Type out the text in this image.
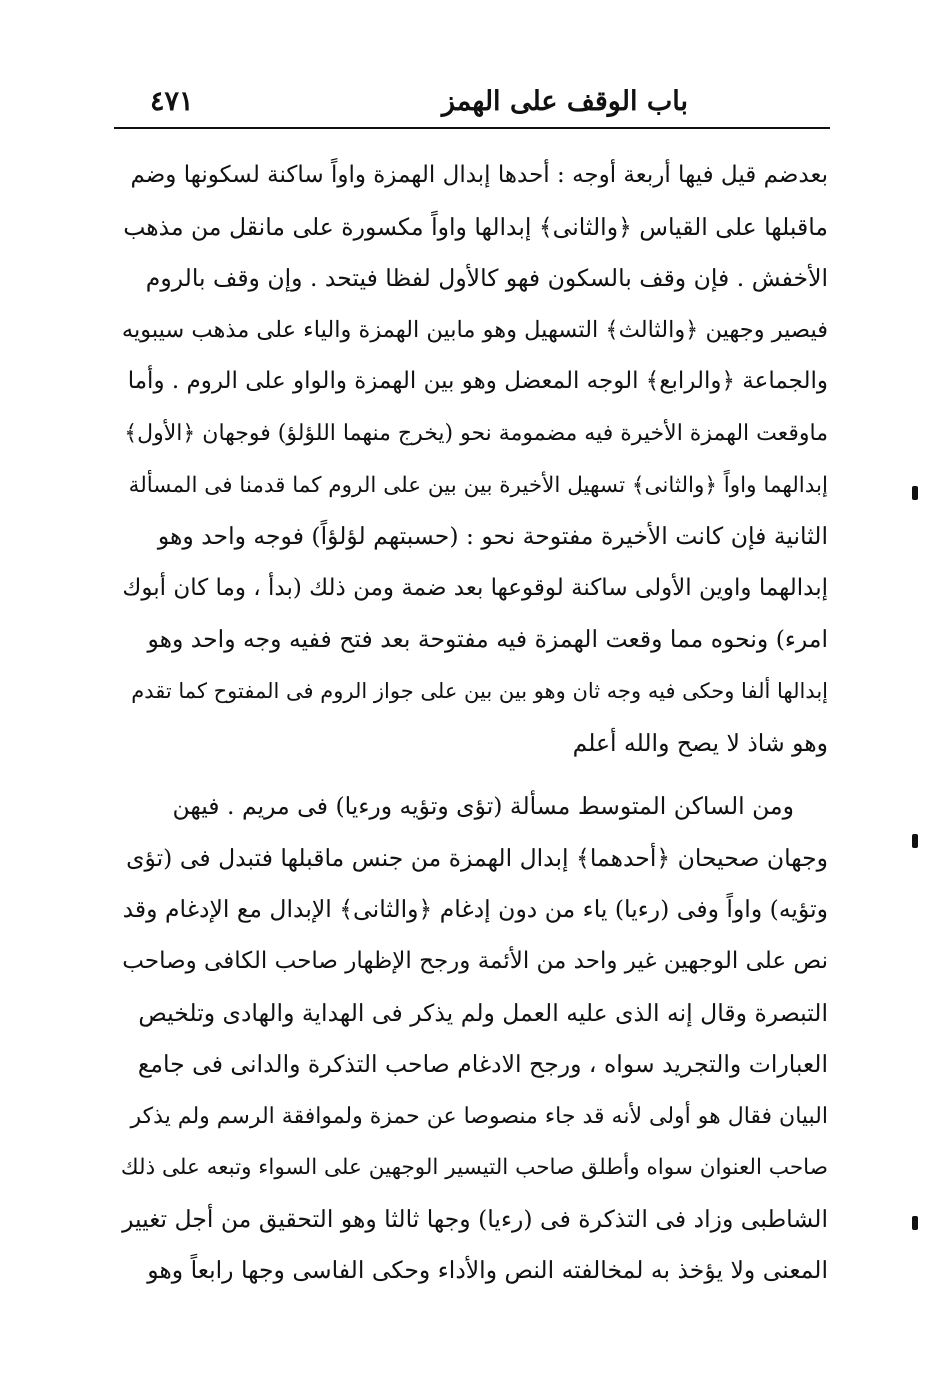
باب الوقف على الهمز
٤٧١
بعدضم قيل فيها أربعة أوجه : أحدها إبدال الهمزة واواً ساكنة لسكونها وضم
ماقبلها على القياس ﴿والثانى﴾ إبدالها واواً مكسورة على مانقل من مذهب
الأخفش . فإن وقف بالسكون فهو كالأول لفظا فيتحد . وإن وقف بالروم
فيصير وجهين ﴿والثالث﴾ التسهيل وهو مابين الهمزة والياء على مذهب سيبويه
والجماعة ﴿والرابع﴾ الوجه المعضل وهو بين الهمزة والواو على الروم . وأما
ماوقعت الهمزة الأخيرة فيه مضمومة نحو (يخرج منهما اللؤلؤ) فوجهان ﴿الأول﴾
إبدالهما واواً ﴿والثانى﴾ تسهيل الأخيرة بين بين على الروم كما قدمنا فى المسألة
الثانية فإن كانت الأخيرة مفتوحة نحو : (حسبتهم لؤلؤاً) فوجه واحد وهو
إبدالهما واوين الأولى ساكنة لوقوعها بعد ضمة ومن ذلك (بدأ ، وما كان أبوك
امرء) ونحوه مما وقعت الهمزة فيه مفتوحة بعد فتح ففيه وجه واحد وهو
إبدالها ألفا وحكى فيه وجه ثان وهو بين بين على جواز الروم فى المفتوح كما تقدم
وهو شاذ لا يصح والله أعلم
ومن الساكن المتوسط مسألة (تؤى وتؤيه ورءيا) فى مريم . فيهن
وجهان صحيحان ﴿أحدهما﴾ إبدال الهمزة من جنس ماقبلها فتبدل فى (تؤى
وتؤيه) واواً وفى (رءيا) ياء من دون إدغام ﴿والثانى﴾ الإبدال مع الإدغام وقد
نص على الوجهين غير واحد من الأئمة ورجح الإظهار صاحب الكافى وصاحب
التبصرة وقال إنه الذى عليه العمل ولم يذكر فى الهداية والهادى وتلخيص
العبارات والتجريد سواه ، ورجح الادغام صاحب التذكرة والدانى فى جامع
البيان فقال هو أولى لأنه قد جاء منصوصا عن حمزة ولموافقة الرسم ولم يذكر
صاحب العنوان سواه وأطلق صاحب التيسير الوجهين على السواء وتبعه على ذلك
الشاطبى وزاد فى التذكرة فى (رءيا) وجها ثالثا وهو التحقيق من أجل تغيير
المعنى ولا يؤخذ به لمخالفته النص والأداء وحكى الفاسى وجها رابعاً وهو
